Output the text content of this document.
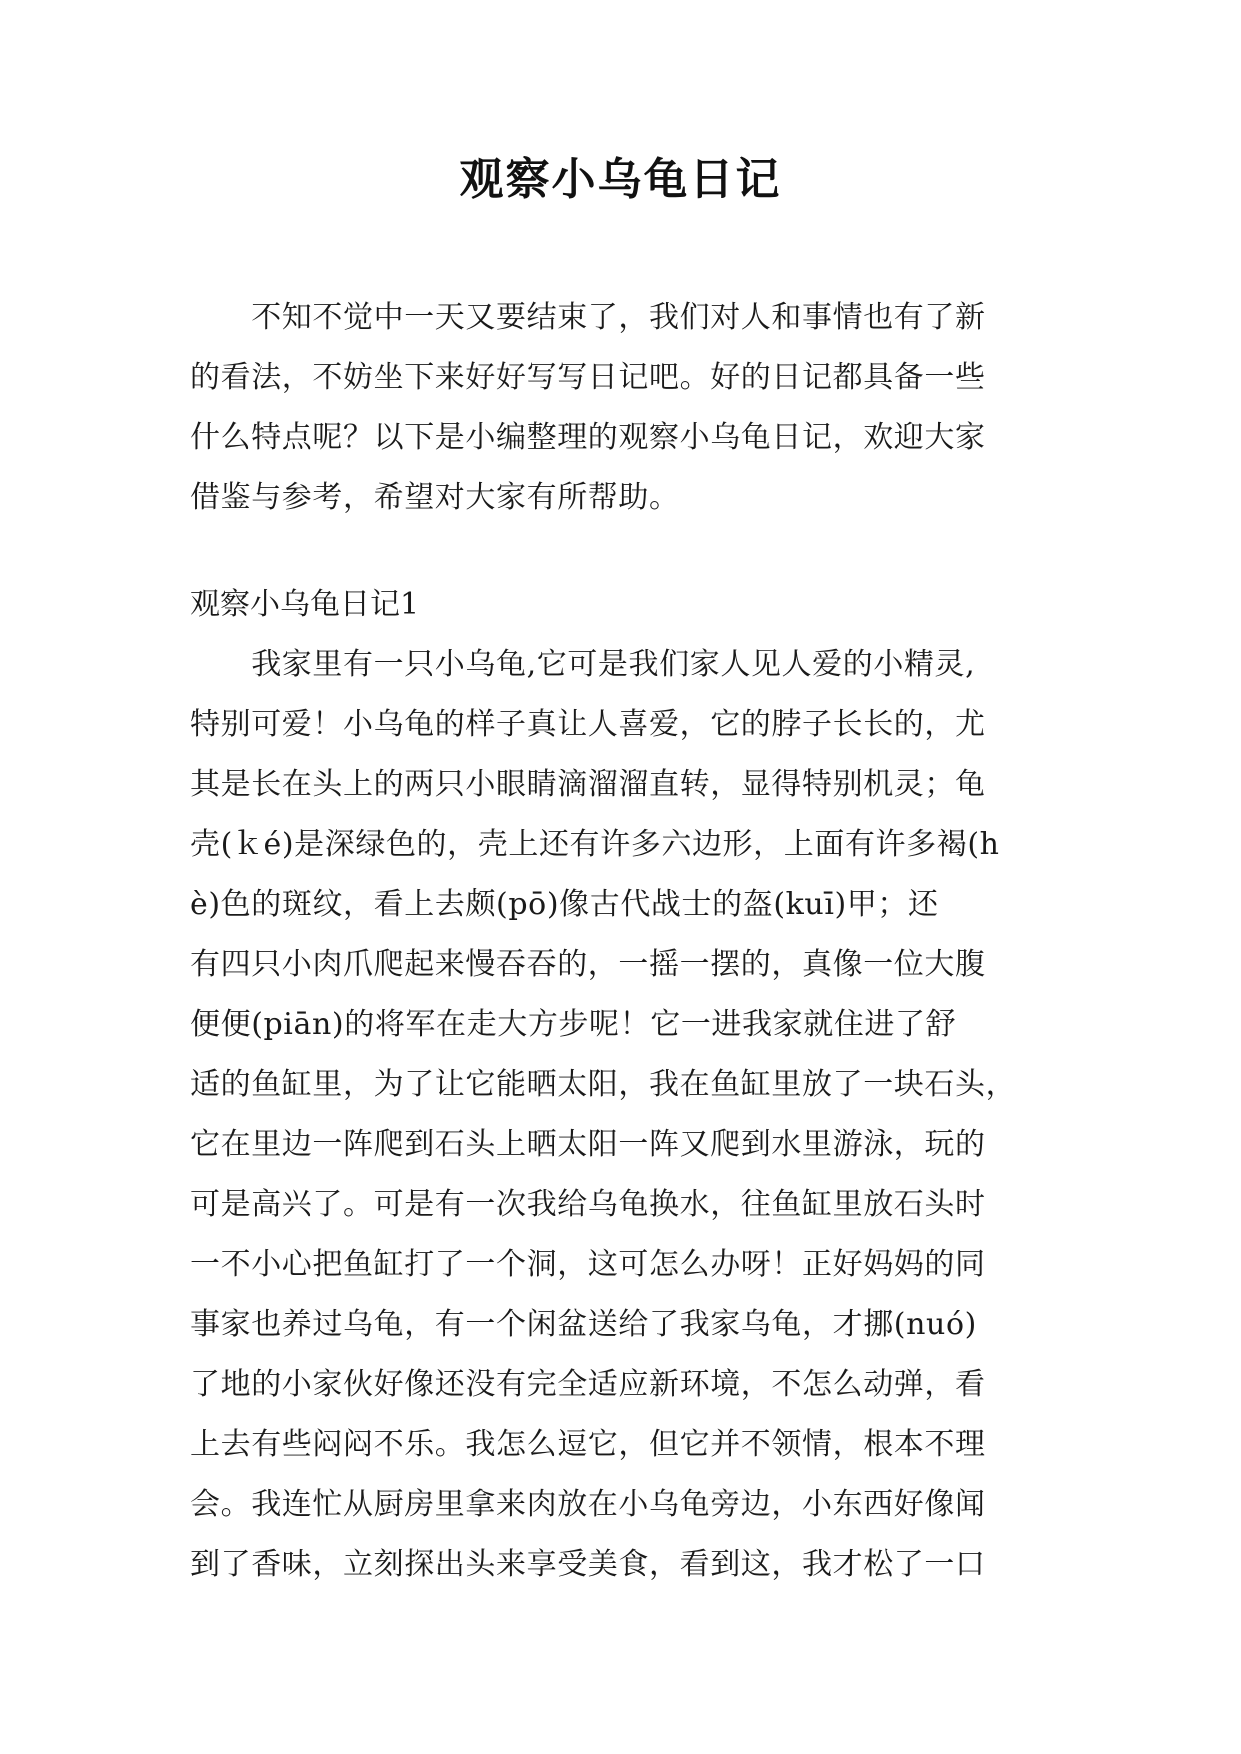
观察小乌龟日记
　　不知不觉中一天又要结束了，我们对人和事情也有了新
的看法，不妨坐下来好好写写日记吧。好的日记都具备一些
什么特点呢？以下是小编整理的观察小乌龟日记，欢迎大家
借鉴与参考，希望对大家有所帮助。
观察小乌龟日记1
　　我家里有一只小乌龟,它可是我们家人见人爱的小精灵,
特别可爱！小乌龟的样子真让人喜爱，它的脖子长长的，尤
其是长在头上的两只小眼睛滴溜溜直转，显得特别机灵；龟
壳(ｋé)是深绿色的，壳上还有许多六边形，上面有许多褐(h
è)色的斑纹，看上去颇(pō)像古代战士的盔(kuī)甲；还
有四只小肉爪爬起来慢吞吞的，一摇一摆的，真像一位大腹
便便(piān)的将军在走大方步呢！它一进我家就住进了舒
适的鱼缸里，为了让它能晒太阳，我在鱼缸里放了一块石头，
它在里边一阵爬到石头上晒太阳一阵又爬到水里游泳，玩的
可是高兴了。可是有一次我给乌龟换水，往鱼缸里放石头时
一不小心把鱼缸打了一个洞，这可怎么办呀！正好妈妈的同
事家也养过乌龟，有一个闲盆送给了我家乌龟，才挪(nuó)
了地的小家伙好像还没有完全适应新环境，不怎么动弹，看
上去有些闷闷不乐。我怎么逗它，但它并不领情，根本不理
会。我连忙从厨房里拿来肉放在小乌龟旁边，小东西好像闻
到了香味，立刻探出头来享受美食，看到这，我才松了一口
